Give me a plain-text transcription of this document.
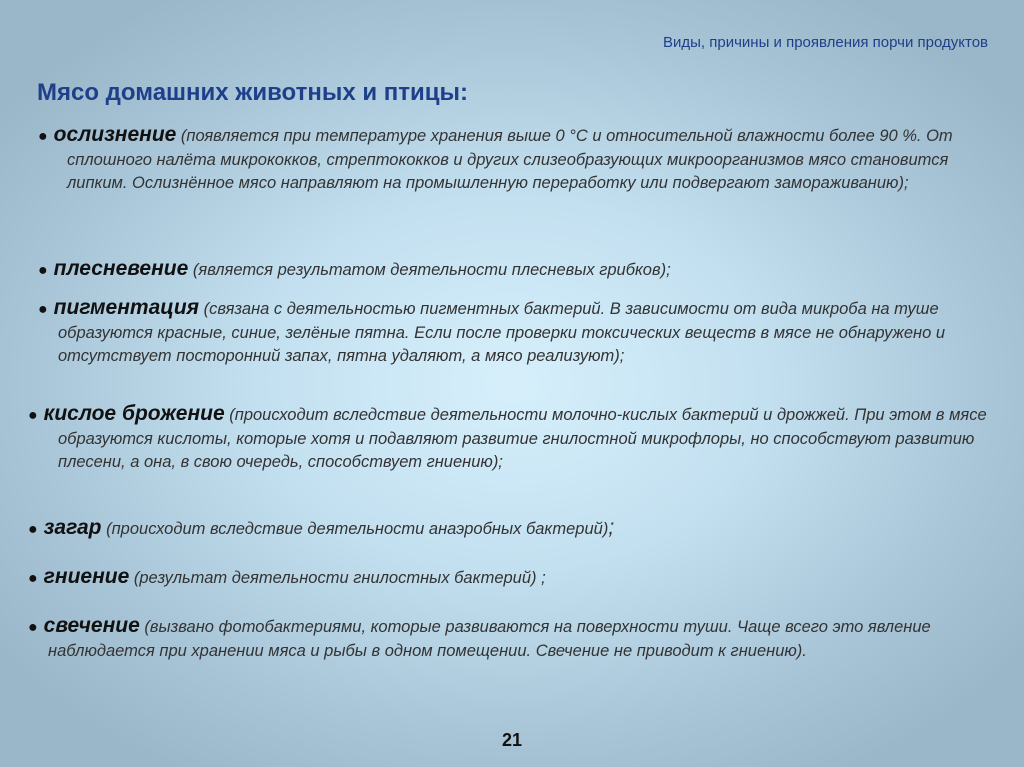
Виды, причины и проявления порчи продуктов
Мясо домашних животных и птицы:
● ослизнение (появляется при температуре хранения выше 0 °С и относительной влажности более 90 %. От сплошного налёта микрококков, стрептококков и других слизеобразующих микроорганизмов мясо становится липким. Ослизнённое мясо направляют на промышленную переработку или подвергают замораживанию);
● плесневение (является результатом деятельности плесневых грибков);
● пигментация (связана с деятельностью пигментных бактерий. В зависимости от вида микроба на туше образуются красные, синие, зелёные пятна. Если после проверки токсических веществ в мясе не обнаружено и отсутствует посторонний запах, пятна удаляют, а мясо реализуют);
● кислое брожение (происходит вследствие деятельности молочно-кислых бактерий и дрожжей. При этом в мясе образуются кислоты, которые хотя и подавляют развитие гнилостной микрофлоры, но способствуют развитию плесени, а она, в свою очередь, способствует гниению);
● загар (происходит вследствие деятельности анаэробных бактерий);
● гниение (результат деятельности гнилостных бактерий) ;
● свечение (вызвано фотобактериями, которые развиваются на поверхности туши. Чаще всего это явление наблюдается при хранении мяса и рыбы в одном помещении. Свечение не приводит к гниению).
21
